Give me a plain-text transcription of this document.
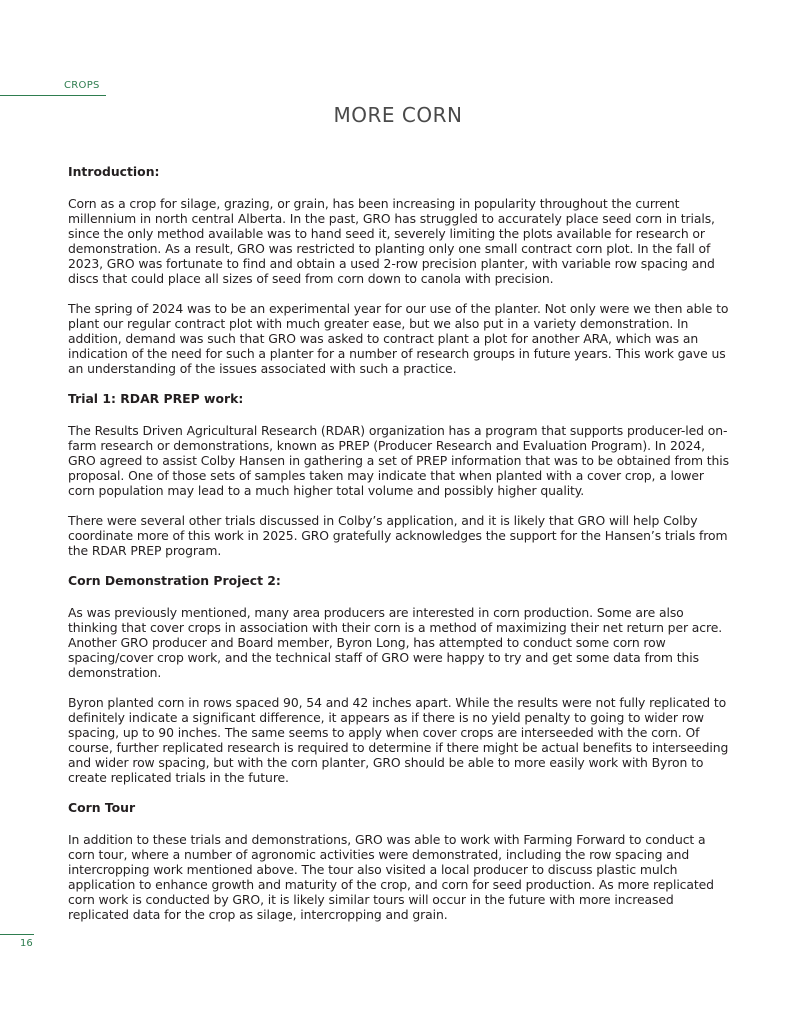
CROPS
MORE CORN
Introduction:

Corn as a crop for silage, grazing, or grain, has been increasing in popularity throughout the current millennium in north central Alberta. In the past, GRO has struggled to accurately place seed corn in trials, since the only method available was to hand seed it, severely limiting the plots available for research or demonstration. As a result, GRO was restricted to planting only one small contract corn plot. In the fall of 2023, GRO was fortunate to find and obtain a used 2-row precision planter, with variable row spacing and discs that could place all sizes of seed from corn down to canola with precision.

The spring of 2024 was to be an experimental year for our use of the planter. Not only were we then able to plant our regular contract plot with much greater ease, but we also put in a variety demonstration. In addition, demand was such that GRO was asked to contract plant a plot for another ARA, which was an indication of the need for such a planter for a number of research groups in future years. This work gave us an understanding of the issues associated with such a practice.

Trial 1: RDAR PREP work:

The Results Driven Agricultural Research (RDAR) organization has a program that supports producer-led on-farm research or demonstrations, known as PREP (Producer Research and Evaluation Program). In 2024, GRO agreed to assist Colby Hansen in gathering a set of PREP information that was to be obtained from this proposal. One of those sets of samples taken may indicate that when planted with a cover crop, a lower corn population may lead to a much higher total volume and possibly higher quality.

There were several other trials discussed in Colby’s application, and it is likely that GRO will help Colby coordinate more of this work in 2025. GRO gratefully acknowledges the support for the Hansen’s trials from the RDAR PREP program.

Corn Demonstration Project 2:

As was previously mentioned, many area producers are interested in corn production. Some are also thinking that cover crops in association with their corn is a method of maximizing their net return per acre. Another GRO producer and Board member, Byron Long, has attempted to conduct some corn row spacing/cover crop work, and the technical staff of GRO were happy to try and get some data from this demonstration.

Byron planted corn in rows spaced 90, 54 and 42 inches apart. While the results were not fully replicated to definitely indicate a significant difference, it appears as if there is no yield penalty to going to wider row spacing, up to 90 inches. The same seems to apply when cover crops are interseeded with the corn. Of course, further replicated research is required to determine if there might be actual benefits to interseeding and wider row spacing, but with the corn planter, GRO should be able to more easily work with Byron to create replicated trials in the future.

Corn Tour

In addition to these trials and demonstrations, GRO was able to work with Farming Forward to conduct a corn tour, where a number of agronomic activities were demonstrated, including the row spacing and intercropping work mentioned above. The tour also visited a local producer to discuss plastic mulch application to enhance growth and maturity of the crop, and corn for seed production. As more replicated corn work is conducted by GRO, it is likely similar tours will occur in the future with more increased replicated data for the crop as silage, intercropping and grain.

16
